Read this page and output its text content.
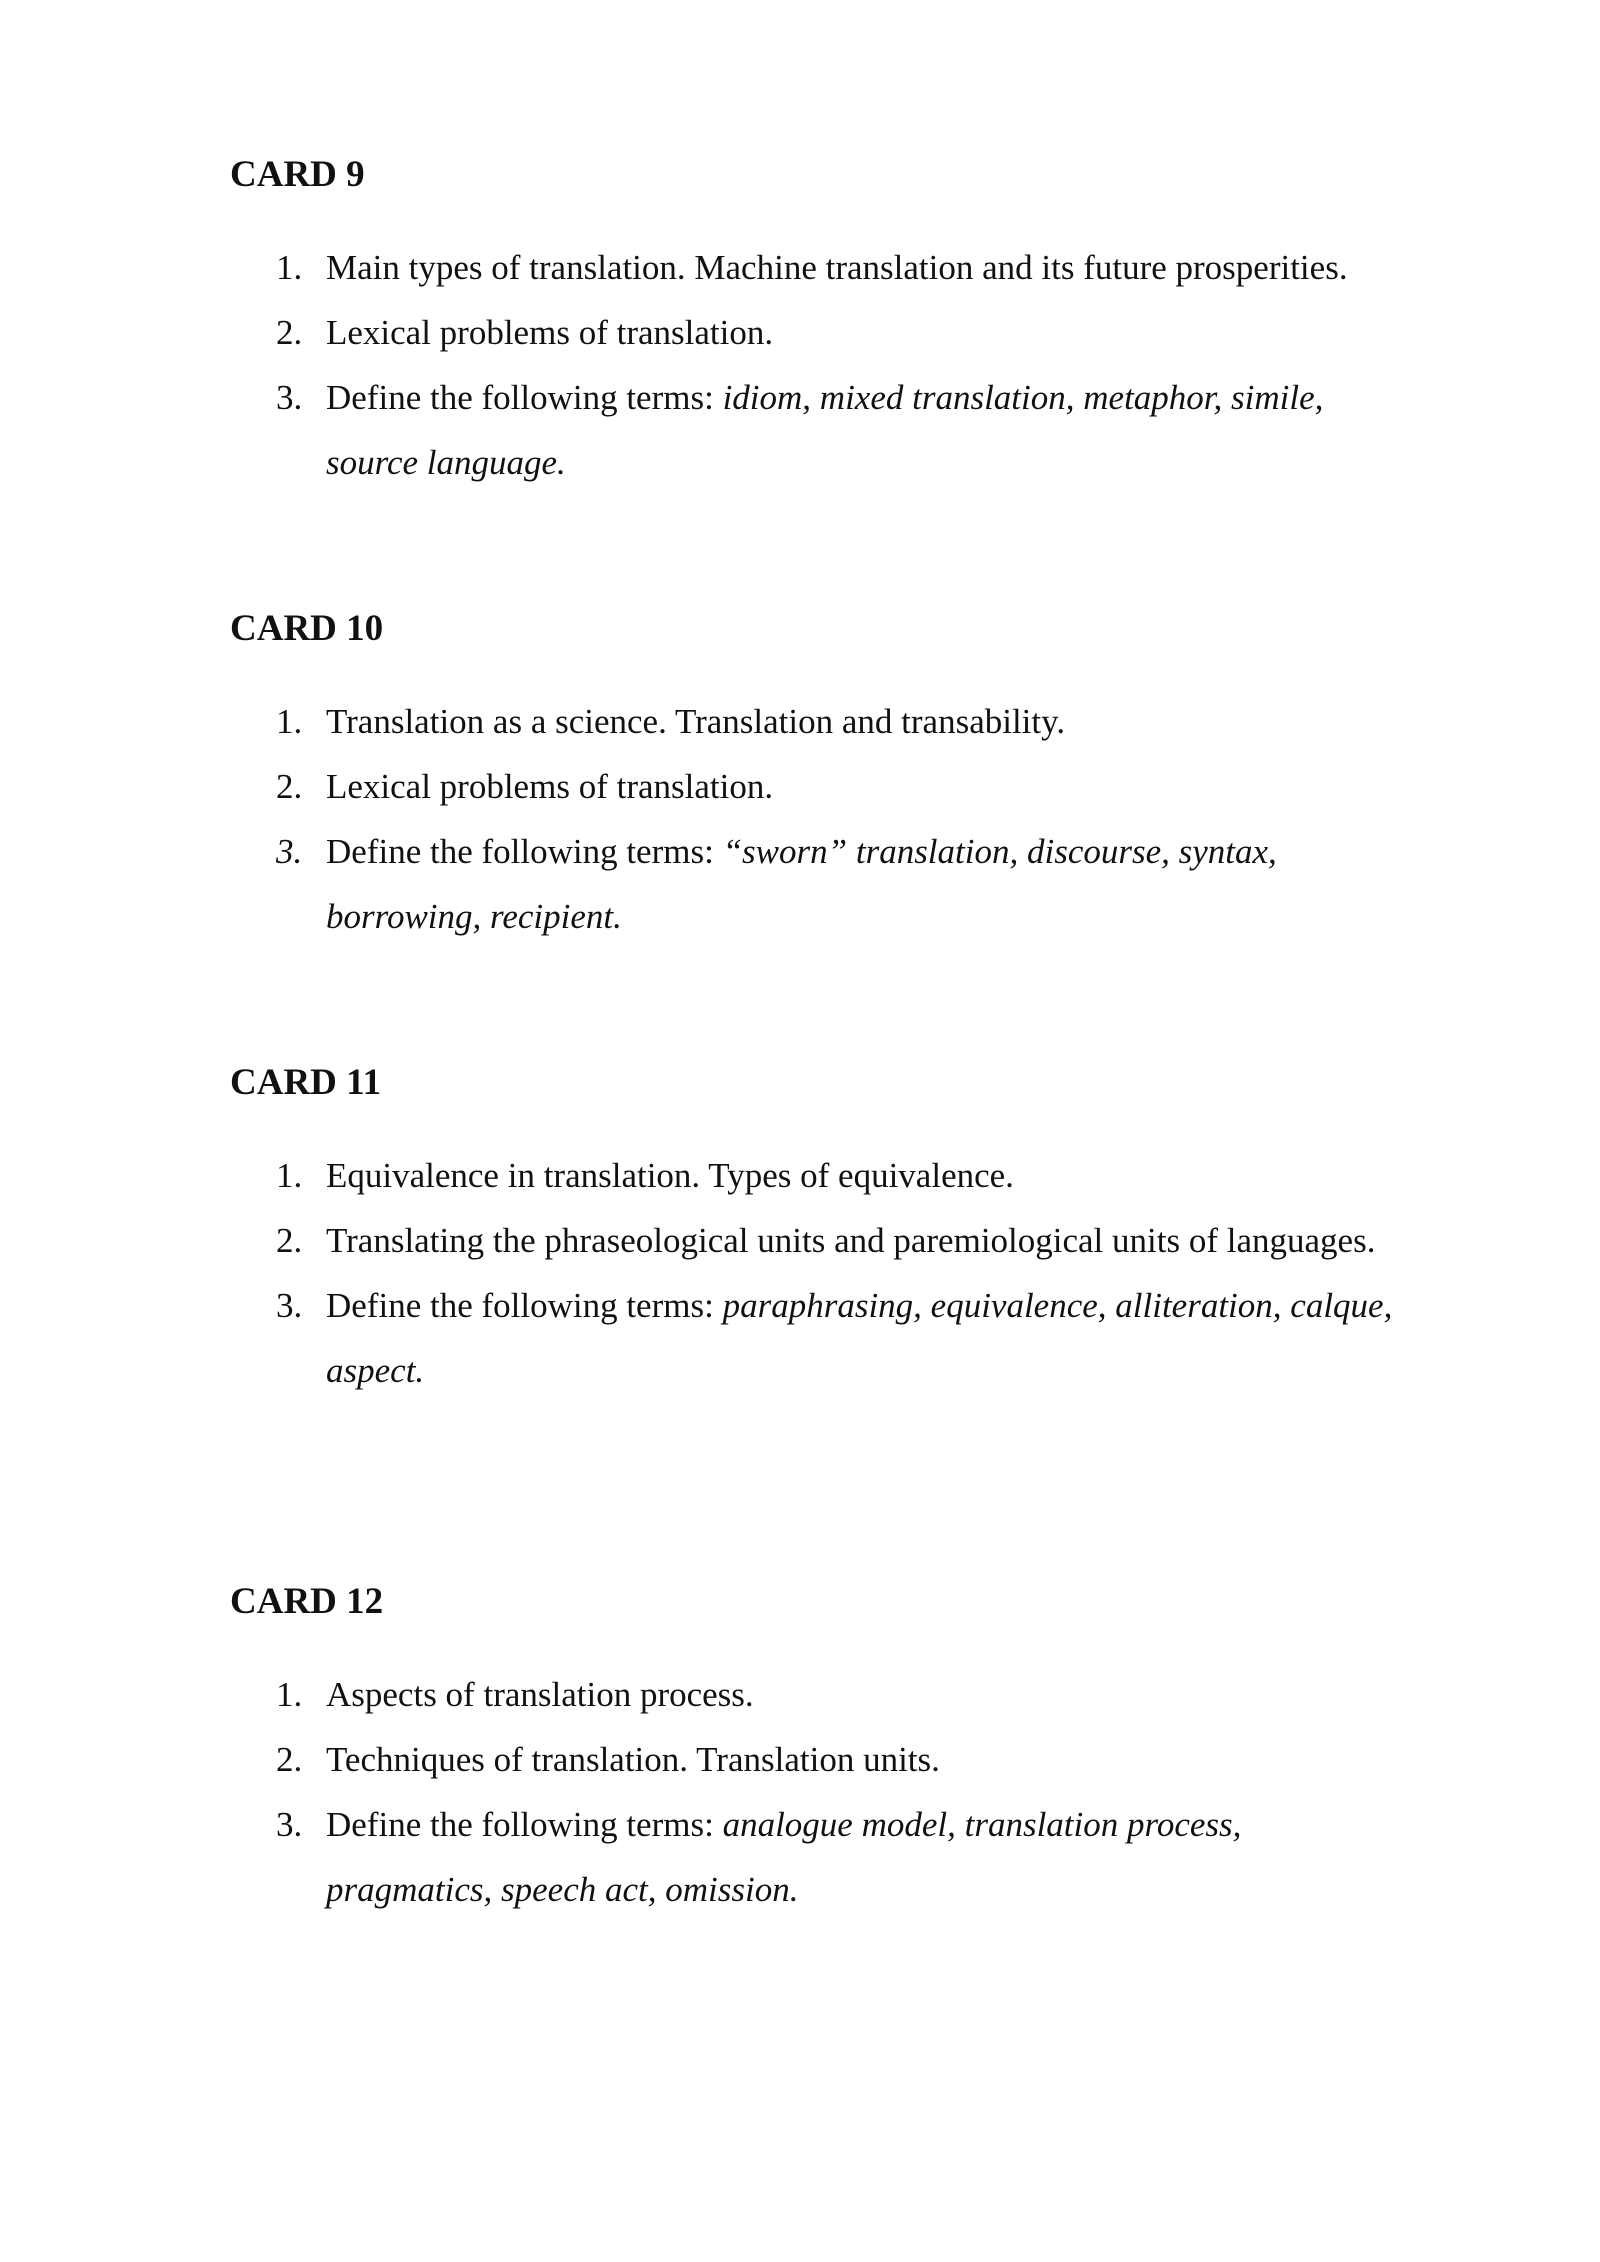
CARD 9
1. Main types of translation. Machine translation and its future prosperities.
2. Lexical problems of translation.
3. Define the following terms: idiom, mixed translation, metaphor, simile,
source language.
CARD 10
1. Translation as a science. Translation and transability.
2. Lexical problems of translation.
3. Define the following terms: “sworn” translation, discourse, syntax,
borrowing, recipient.
CARD 11
1. Equivalence in translation. Types of equivalence.
2. Translating the phraseological units and paremiological units of languages.
3. Define the following terms: paraphrasing, equivalence, alliteration, calque,
aspect.
CARD 12
1. Aspects of translation process.
2. Techniques of translation. Translation units.
3. Define the following terms: analogue model, translation process,
pragmatics, speech act, omission.
